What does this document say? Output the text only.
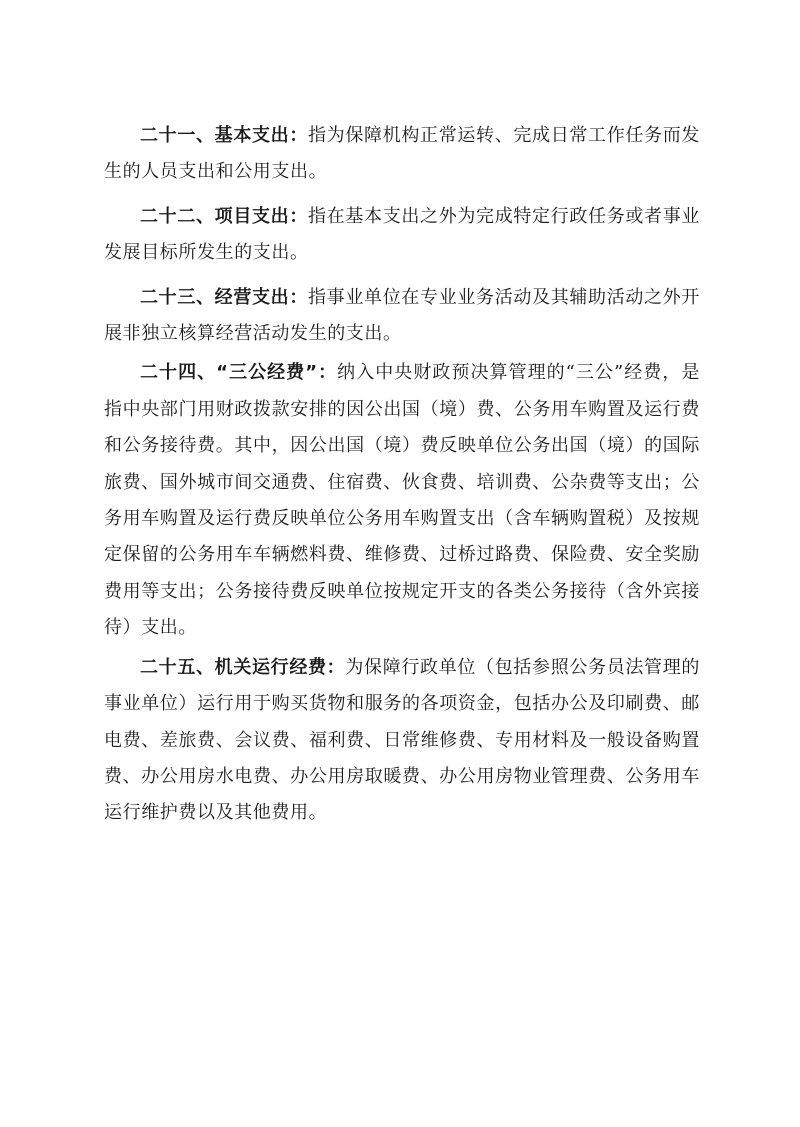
二十一、基本支出：指为保障机构正常运转、完成日常工作任务而发生的人员支出和公用支出。

二十二、项目支出：指在基本支出之外为完成特定行政任务或者事业发展目标所发生的支出。

二十三、经营支出：指事业单位在专业业务活动及其辅助活动之外开展非独立核算经营活动发生的支出。

二十四、“三公经费”：纳入中央财政预决算管理的“三公”经费，是指中央部门用财政拨款安排的因公出国（境）费、公务用车购置及运行费和公务接待费。其中，因公出国（境）费反映单位公务出国（境）的国际旅费、国外城市间交通费、住宿费、伙食费、培训费、公杂费等支出；公务用车购置及运行费反映单位公务用车购置支出（含车辆购置税）及按规定保留的公务用车车辆燃料费、维修费、过桥过路费、保险费、安全奖励费用等支出；公务接待费反映单位按规定开支的各类公务接待（含外宾接待）支出。

二十五、机关运行经费：为保障行政单位（包括参照公务员法管理的事业单位）运行用于购买货物和服务的各项资金，包括办公及印刷费、邮电费、差旅费、会议费、福利费、日常维修费、专用材料及一般设备购置费、办公用房水电费、办公用房取暖费、办公用房物业管理费、公务用车运行维护费以及其他费用。
